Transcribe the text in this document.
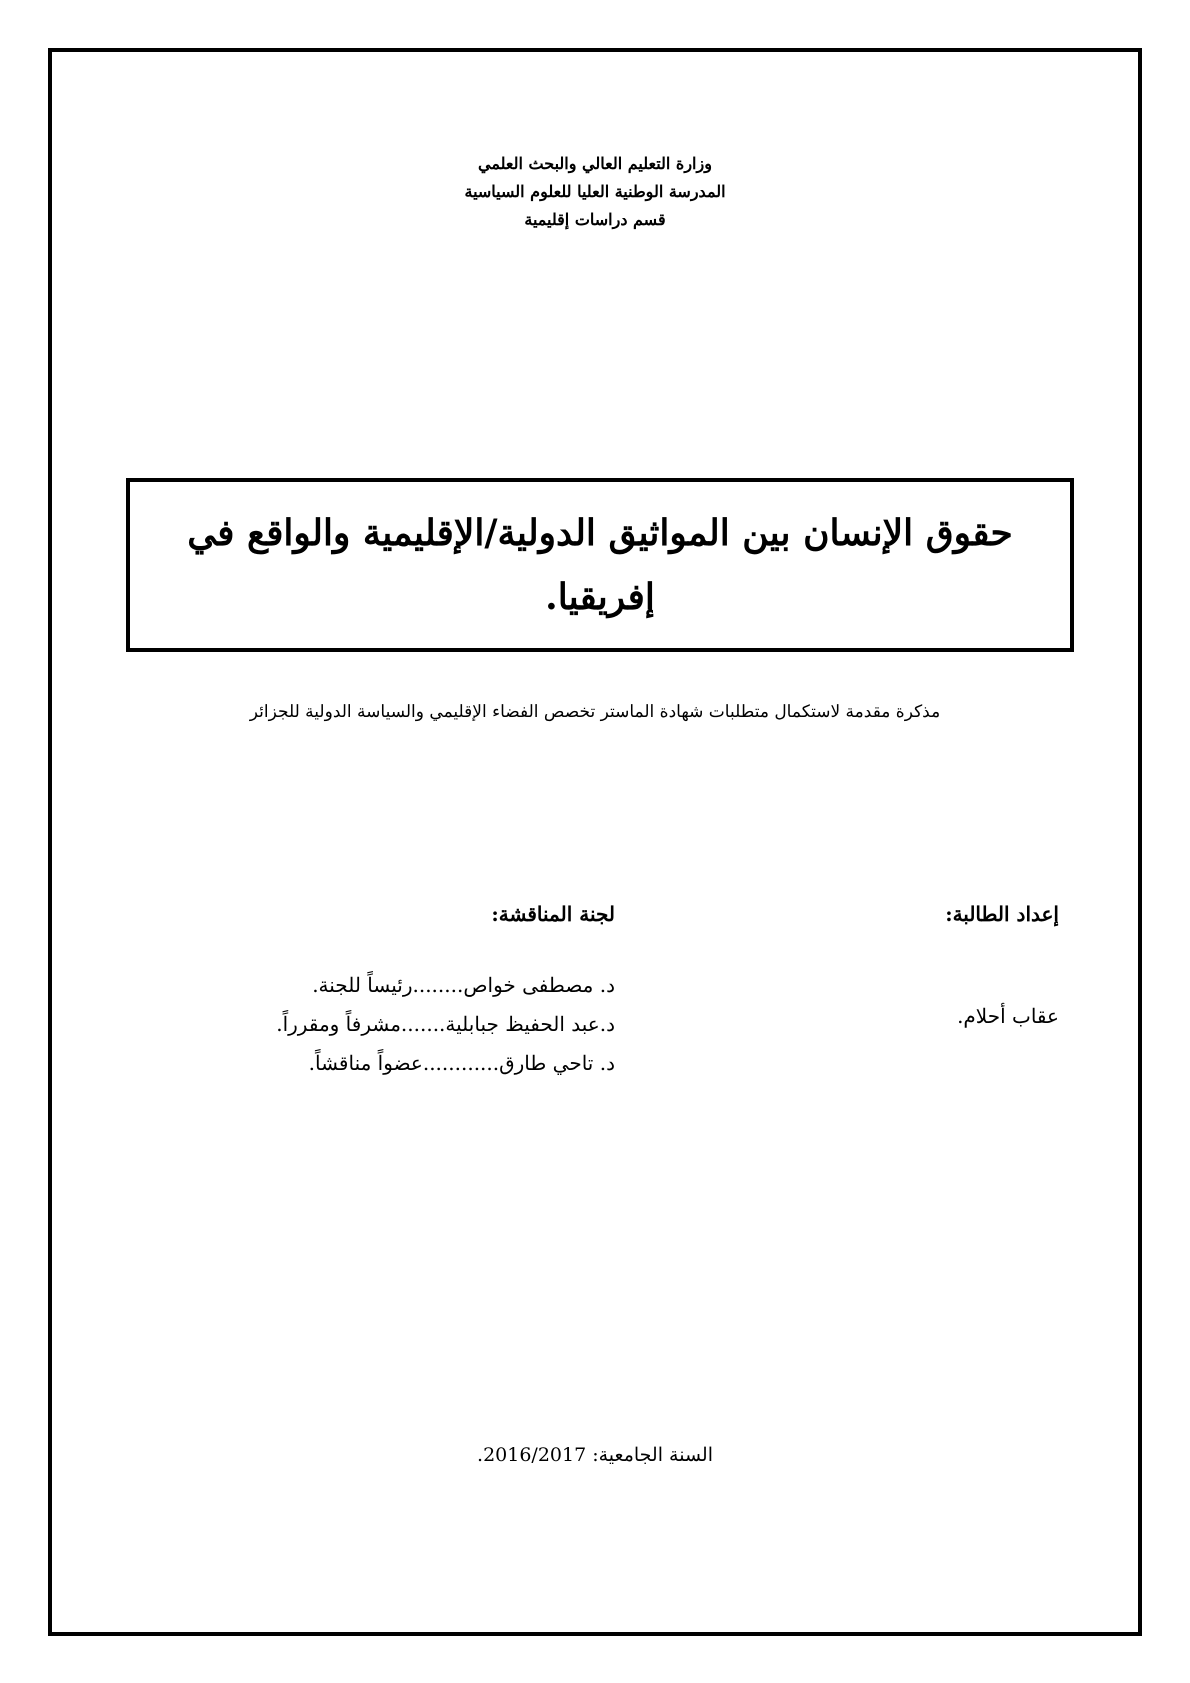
وزارة التعليم العالي والبحث العلمي
المدرسة الوطنية العليا للعلوم السياسية
قسم دراسات إقليمية
حقوق الإنسان بين المواثيق الدولية/الإقليمية والواقع في
إفريقيا.
مذكرة مقدمة لاستكمال متطلبات شهادة الماستر تخصص الفضاء الإقليمي والسياسة الدولية للجزائر
إعداد الطالبة:
لجنة المناقشة:
عقاب أحلام.
د. مصطفى خواص........رئيساً للجنة.
د.عبد الحفيظ جبابلية.......مشرفاً ومقرراً.
د. تاحي طارق............عضواً مناقشاً.
السنة الجامعية: 2016/2017.
